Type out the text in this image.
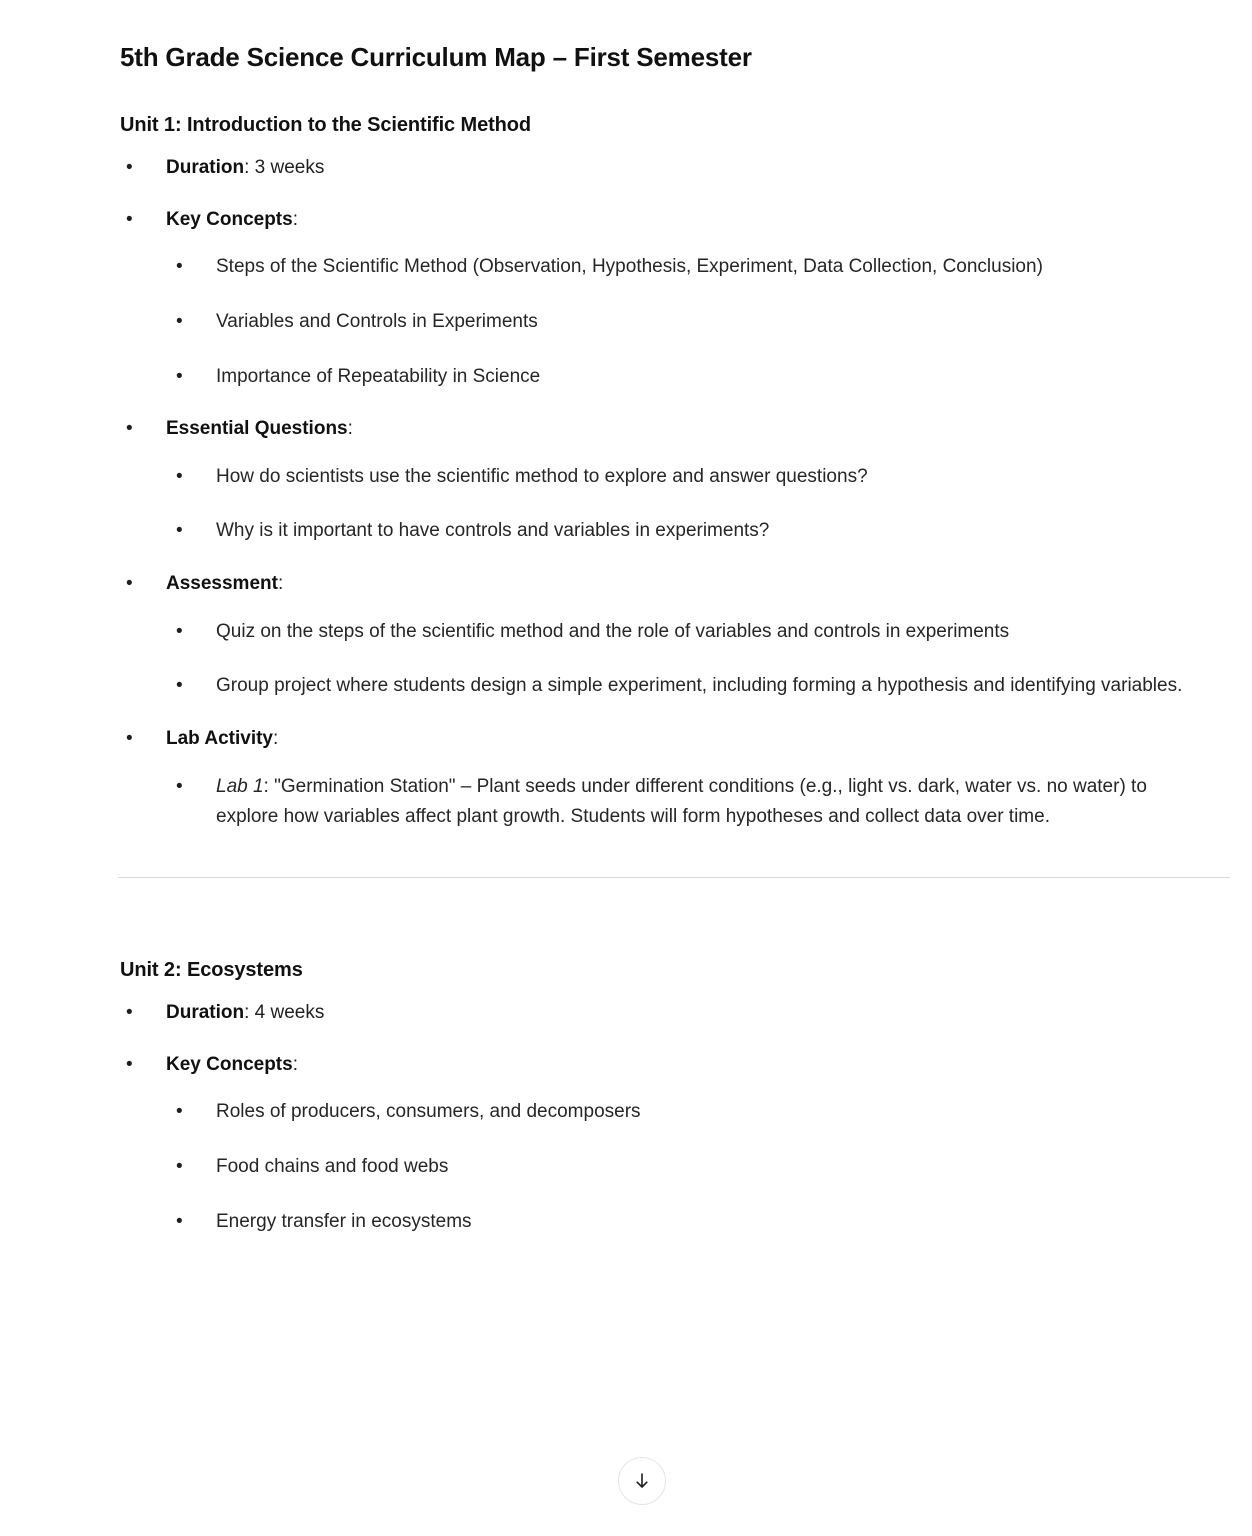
5th Grade Science Curriculum Map – First Semester
Unit 1: Introduction to the Scientific Method
• Duration: 3 weeks
• Key Concepts:
• Steps of the Scientific Method (Observation, Hypothesis, Experiment, Data Collection, Conclusion)
• Variables and Controls in Experiments
• Importance of Repeatability in Science
• Essential Questions:
• How do scientists use the scientific method to explore and answer questions?
• Why is it important to have controls and variables in experiments?
• Assessment:
• Quiz on the steps of the scientific method and the role of variables and controls in experiments
• Group project where students design a simple experiment, including forming a hypothesis and identifying variables.
• Lab Activity:
• Lab 1: "Germination Station" – Plant seeds under different conditions (e.g., light vs. dark, water vs. no water) to explore how variables affect plant growth. Students will form hypotheses and collect data over time.
Unit 2: Ecosystems
• Duration: 4 weeks
• Key Concepts:
• Roles of producers, consumers, and decomposers
• Food chains and food webs
• Energy transfer in ecosystems
